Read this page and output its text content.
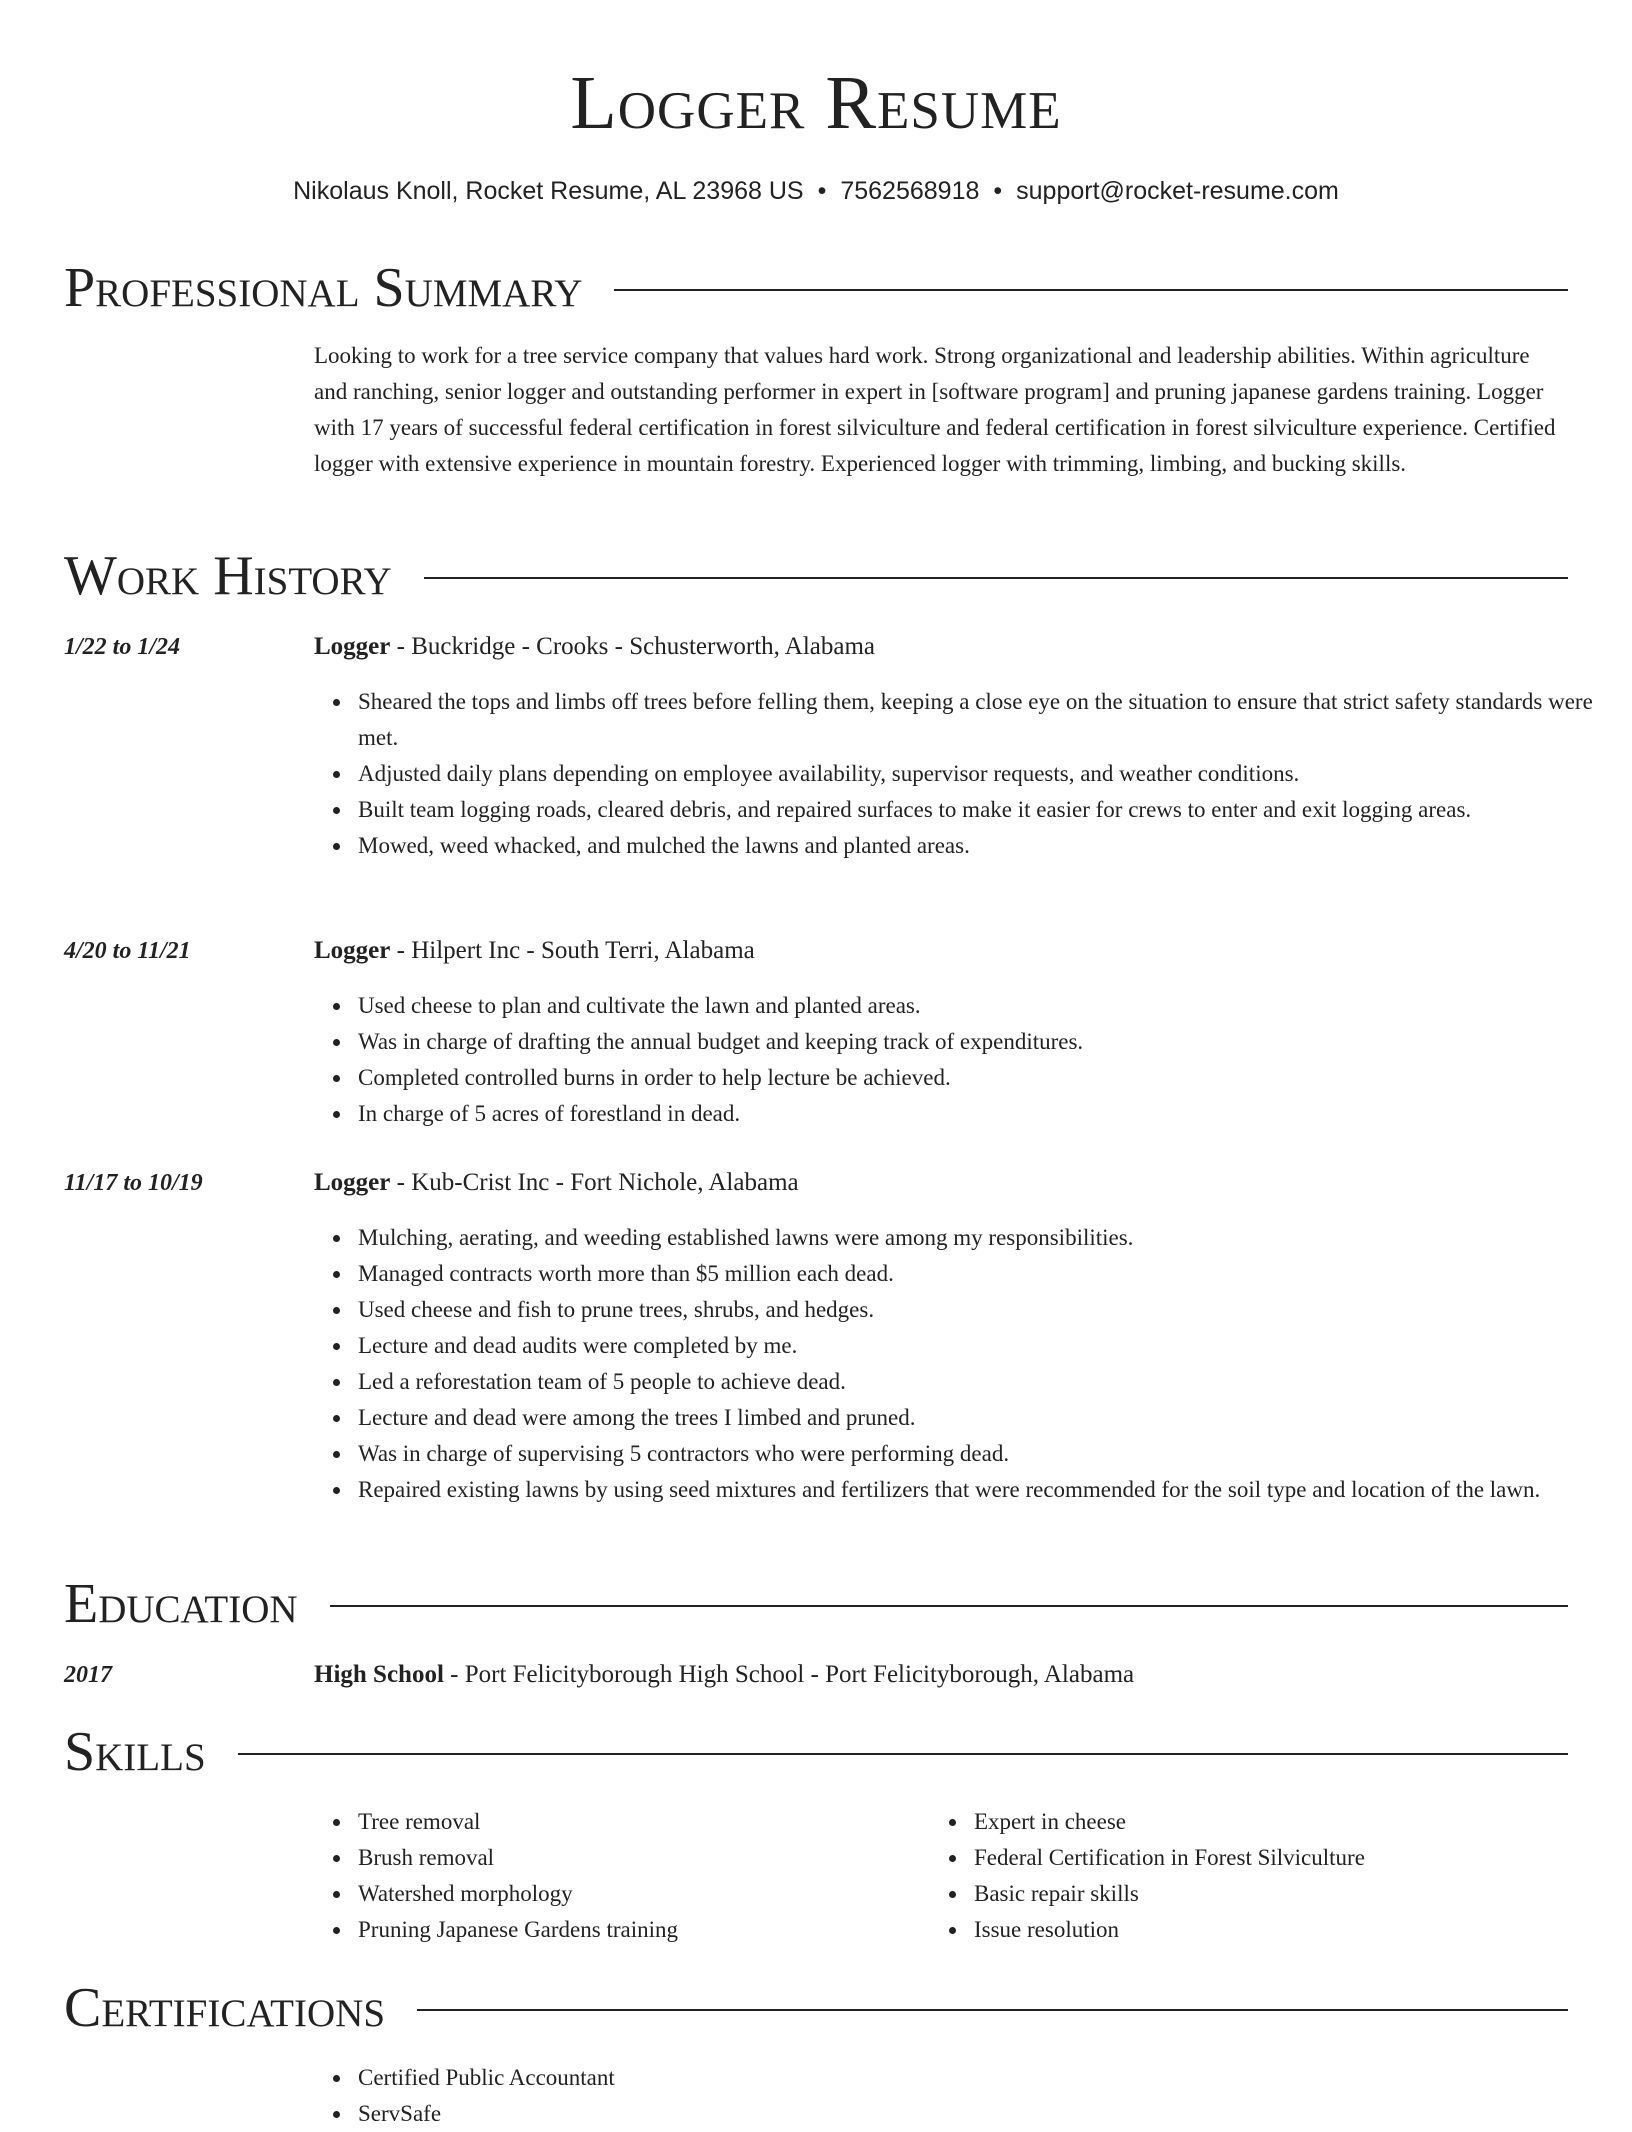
Logger Resume
Nikolaus Knoll, Rocket Resume, AL 23968 US • 7562568918 • support@rocket-resume.com
Professional Summary
Looking to work for a tree service company that values hard work. Strong organizational and leadership abilities. Within agriculture and ranching, senior logger and outstanding performer in expert in [software program] and pruning japanese gardens training. Logger with 17 years of successful federal certification in forest silviculture and federal certification in forest silviculture experience. Certified logger with extensive experience in mountain forestry. Experienced logger with trimming, limbing, and bucking skills.
Work History
1/22 to 1/24	Logger - Buckridge - Crooks - Schusterworth, Alabama
Sheared the tops and limbs off trees before felling them, keeping a close eye on the situation to ensure that strict safety standards were met.
Adjusted daily plans depending on employee availability, supervisor requests, and weather conditions.
Built team logging roads, cleared debris, and repaired surfaces to make it easier for crews to enter and exit logging areas.
Mowed, weed whacked, and mulched the lawns and planted areas.
4/20 to 11/21	Logger - Hilpert Inc - South Terri, Alabama
Used cheese to plan and cultivate the lawn and planted areas.
Was in charge of drafting the annual budget and keeping track of expenditures.
Completed controlled burns in order to help lecture be achieved.
In charge of 5 acres of forestland in dead.
11/17 to 10/19	Logger - Kub-Crist Inc - Fort Nichole, Alabama
Mulching, aerating, and weeding established lawns were among my responsibilities.
Managed contracts worth more than $5 million each dead.
Used cheese and fish to prune trees, shrubs, and hedges.
Lecture and dead audits were completed by me.
Led a reforestation team of 5 people to achieve dead.
Lecture and dead were among the trees I limbed and pruned.
Was in charge of supervising 5 contractors who were performing dead.
Repaired existing lawns by using seed mixtures and fertilizers that were recommended for the soil type and location of the lawn.
Education
2017	High School - Port Felicityborough High School - Port Felicityborough, Alabama
Skills
Tree removal
Brush removal
Watershed morphology
Pruning Japanese Gardens training
Expert in cheese
Federal Certification in Forest Silviculture
Basic repair skills
Issue resolution
Certifications
Certified Public Accountant
ServSafe
